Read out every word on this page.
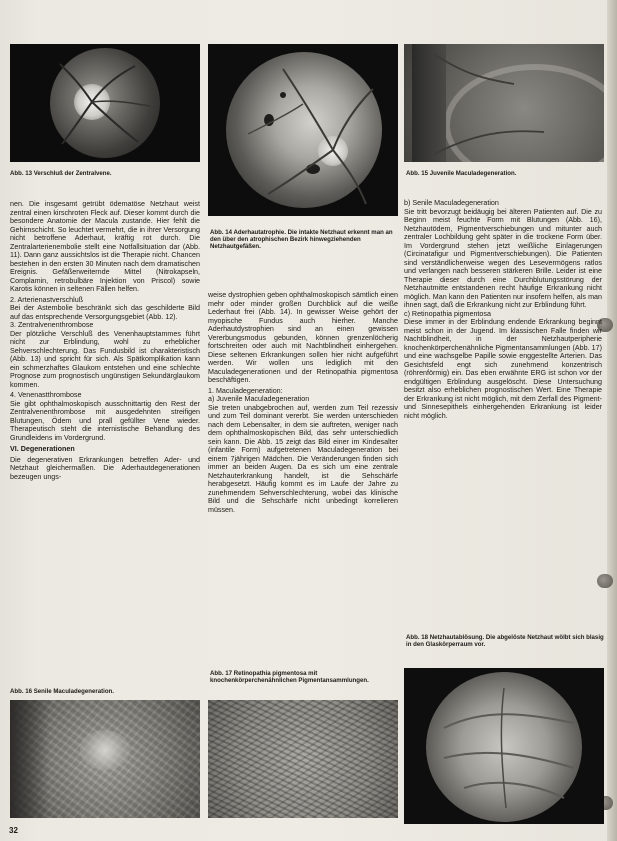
Abb. 13 Verschluß der Zentralvene.

Abb. 14 Aderhautatrophie. Die intakte Netzhaut erkennt man an den über den atrophischen Bezirk hinwegziehenden Netzhautgefäßen.

Abb. 15 Juvenile Maculadegeneration.

nen. Die insgesamt getrübt ödematöse Netzhaut weist zentral einen kirschroten Fleck auf. Dieser kommt durch die besondere Anatomie der Macula zustande. Hier fehlt die Gehirnschicht. So leuchtet vermehrt, die in ihrer Versorgung nicht betroffene Aderhaut, kräftig rot durch. Die Zentralarterienembolie stellt eine Notfallsituation dar (Abb. 11). Dann ganz aussichtslos ist die Therapie nicht. Chancen bestehen in den ersten 30 Minuten nach dem dramatischen Ereignis. Gefäßerweiternde Mittel (Nitrokapseln, Complamin, retrobulbäre Injektion von Priscol) sowie Karotis können in seltenen Fällen helfen.

2. Arterienastverschluß

Bei der Astembolie beschränkt sich das geschilderte Bild auf das entsprechende Versorgungsgebiet (Abb. 12).

3. Zentralvenenthrombose

Der plötzliche Verschluß des Venenhauptstammes führt nicht zur Erblindung, wohl zu erheblicher Sehverschlechterung. Das Fundusbild ist charakteristisch (Abb. 13) und spricht für sich. Als Spätkomplikation kann ein schmerzhaftes Glaukom entstehen und eine schlechte Prognose zum prognostisch ungünstigen Sekundärglaukom kommen.

4. Venenastthrombose

Sie gibt ophthalmoskopisch ausschnittartig den Rest der Zentralvenenthrombose mit ausgedehnten streifigen Blutungen, Ödem und prall gefüllter Vene wieder. Therapeutisch steht die internistische Behandlung des Grundleidens im Vordergrund.

VI. Degenerationen

Die degenerativen Erkrankungen betreffen Ader- und Netzhaut gleichermaßen. Die Aderhautdegenerationen bezeugen ungs-

weise dystrophien geben ophthalmoskopisch sämtlich einen mehr oder minder großen Durchblick auf die weiße Lederhaut frei (Abb. 14). In gewisser Weise gehört der myopische Fundus auch hierher. Manche Aderhautdystrophien sind an einen gewissen Vererbungsmodus gebunden, können grenzenlöcherig fortschreiten oder auch mit Nachtblindheit einhergehen. Diese seltenen Erkrankungen sollen hier nicht aufgeführt werden. Wir wollen uns lediglich mit den Maculadegenerationen und der Retinopathia pigmentosa beschäftigen.

1. Maculadegeneration:

a) Juvenile Maculadegeneration

Sie treten unabgebrochen auf, werden zum Teil rezessiv und zum Teil dominant vererbt. Sie werden unterschieden nach dem Lebensalter, in dem sie auftreten, weniger nach dem ophthalmoskopischen Bild, das sehr unterschiedlich sein kann. Die Abb. 15 zeigt das Bild einer im Kindesalter (infantile Form) aufgetretenen Maculadegeneration bei einem 7jährigen Mädchen. Die Veränderungen finden sich immer an beiden Augen. Da es sich um eine zentrale Netzhauterkrankung handelt, ist die Sehschärfe herabgesetzt. Häufig kommt es im Laufe der Jahre zu zunehmendem Sehverschlechterung, wobei das klinische Bild und die Sehschärfe nicht unbedingt korrelieren müssen.

b) Senile Maculadegeneration

Sie tritt bevorzugt beidäugig bei älteren Patienten auf. Die zu Beginn meist feuchte Form mit Blutungen (Abb. 16), Netzhautödem, Pigmentverschiebungen und mitunter auch zentraler Lochbildung geht später in die trockene Form über. Im Vordergrund stehen jetzt weißliche Einlagerungen (Circinatafigur und Pigmentverschiebungen). Die Patienten sind verständlicherweise wegen des Lesevermögens ratlos und verlangen nach besseren stärkeren Brille. Leider ist eine Therapie dieser durch eine Durchblutungsstörung der Netzhautmitte entstandenen recht häufige Erkrankung nicht möglich. Man kann den Patienten nur insofern helfen, als man ihnen sagt, daß die Erkrankung nicht zur Erblindung führt.

c) Retinopathia pigmentosa

Diese immer in der Erblindung endende Erkrankung beginnt meist schon in der Jugend. Im klassischen Falle finden wir Nachtblindheit, in der Netzhautperipherie knochenkörperchenähnliche Pigmentansammlungen (Abb. 17) und eine wachsgelbe Papille sowie enggestellte Arterien. Das Gesichtsfeld engt sich zunehmend konzentrisch (röhrenförmig) ein. Das eben erwähnte ERG ist schon vor der endgültigen Erblindung ausgelöscht. Diese Untersuchung besitzt also erheblichen prognostischen Wert. Eine Therapie der Erkrankung ist nicht möglich, mit dem Zerfall des Pigment- und Sinnesepithels einhergehenden Erkrankung ist leider nicht möglich.

Abb. 16 Senile Maculadegeneration.

Abb. 17 Retinopathia pigmentosa mit knochenkörperchenähnlichen Pigmentansammlungen.

Abb. 18 Netzhautablösung. Die abgelöste Netzhaut wölbt sich blasig in den Glaskörperraum vor.

32
